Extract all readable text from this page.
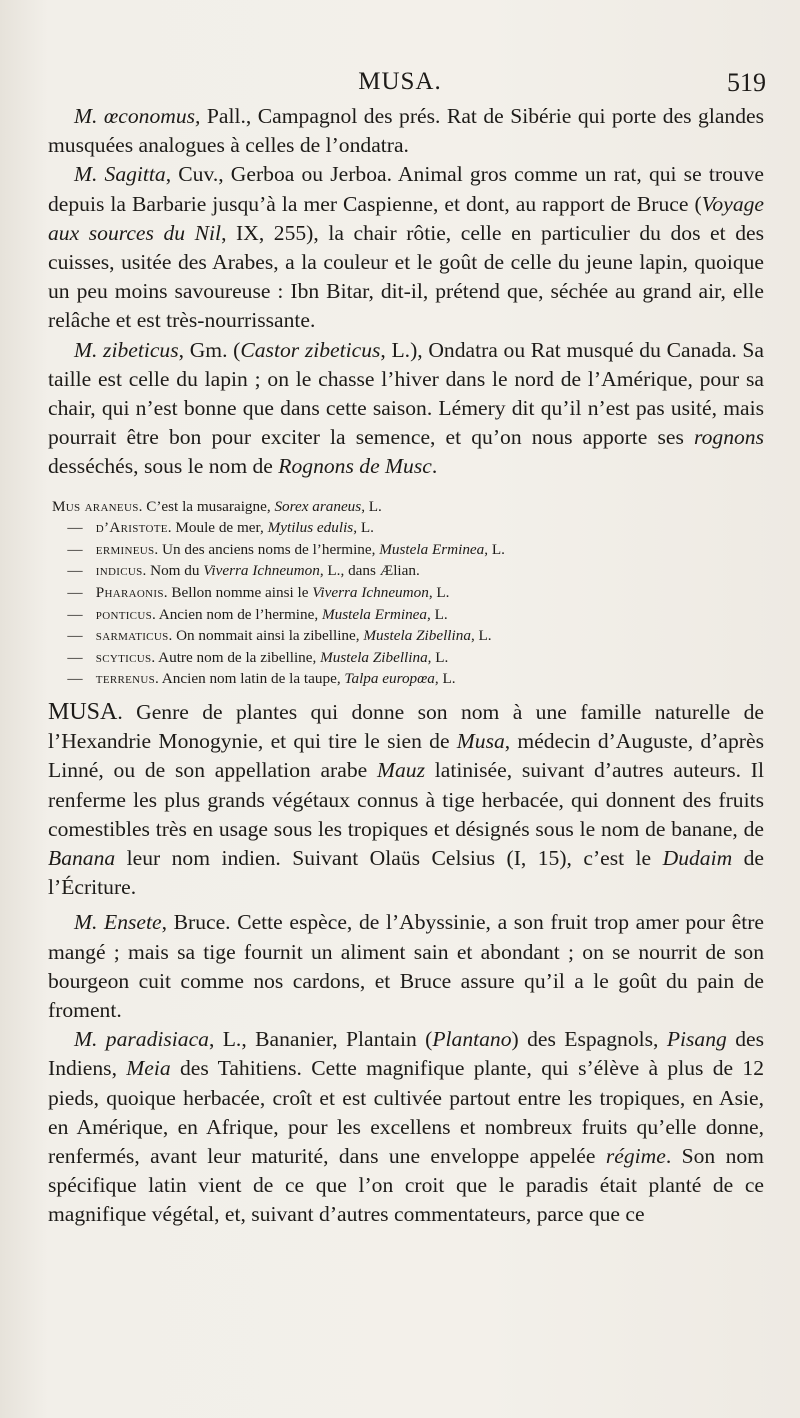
MUSA.	519

M. œconomus, Pall., Campagnol des prés. Rat de Sibérie qui porte des glandes musquées analogues à celles de l’ondatra.

M. Sagitta, Cuv., Gerboa ou Jerboa. Animal gros comme un rat, qui se trouve depuis la Barbarie jusqu’à la mer Caspienne, et dont, au rapport de Bruce (Voyage aux sources du Nil, IX, 255), la chair rôtie, celle en particulier du dos et des cuisses, usitée des Arabes, a la couleur et le goût de celle du jeune lapin, quoique un peu moins savoureuse : Ibn Bitar, dit-il, prétend que, séchée au grand air, elle relâche et est très-nourrissante.

M. zibeticus, Gm. (Castor zibeticus, L.), Ondatra ou Rat musqué du Canada. Sa taille est celle du lapin ; on le chasse l’hiver dans le nord de l’Amérique, pour sa chair, qui n’est bonne que dans cette saison. Lémery dit qu’il n’est pas usité, mais pourrait être bon pour exciter la semence, et qu’on nous apporte ses rognons desséchés, sous le nom de Rognons de Musc.

Mus araneus. C’est la musaraigne, Sorex araneus, L.
— d’Aristote. Moule de mer, Mytilus edulis, L.
— ermineus. Un des anciens noms de l’hermine, Mustela Erminea, L.
— indicus. Nom du Viverra Ichneumon, L., dans Ælian.
— Pharaonis. Bellon nomme ainsi le Viverra Ichneumon, L.
— ponticus. Ancien nom de l’hermine, Mustela Erminea, L.
— sarmaticus. On nommait ainsi la zibelline, Mustela Zibellina, L.
— scyticus. Autre nom de la zibelline, Mustela Zibellina, L.
— terrenus. Ancien nom latin de la taupe, Talpa europœa, L.

MUSA. Genre de plantes qui donne son nom à une famille naturelle de l’Hexandrie Monogynie, et qui tire le sien de Musa, médecin d’Auguste, d’après Linné, ou de son appellation arabe Mauz latinisée, suivant d’autres auteurs. Il renferme les plus grands végétaux connus à tige herbacée, qui donnent des fruits comestibles très en usage sous les tropiques et désignés sous le nom de banane, de Banana leur nom indien. Suivant Olaüs Celsius (I, 15), c’est le Dudaim de l’Écriture.

M. Ensete, Bruce. Cette espèce, de l’Abyssinie, a son fruit trop amer pour être mangé ; mais sa tige fournit un aliment sain et abondant ; on se nourrit de son bourgeon cuit comme nos cardons, et Bruce assure qu’il a le goût du pain de froment.

M. paradisiaca, L., Bananier, Plantain (Plantano) des Espagnols, Pisang des Indiens, Meia des Tahitiens. Cette magnifique plante, qui s’élève à plus de 12 pieds, quoique herbacée, croît et est cultivée partout entre les tropiques, en Asie, en Amérique, en Afrique, pour les excellens et nombreux fruits qu’elle donne, renfermés, avant leur maturité, dans une enveloppe appelée régime. Son nom spécifique latin vient de ce que l’on croit que le paradis était planté de ce magnifique végétal, et, suivant d’autres commentateurs, parce que ce
